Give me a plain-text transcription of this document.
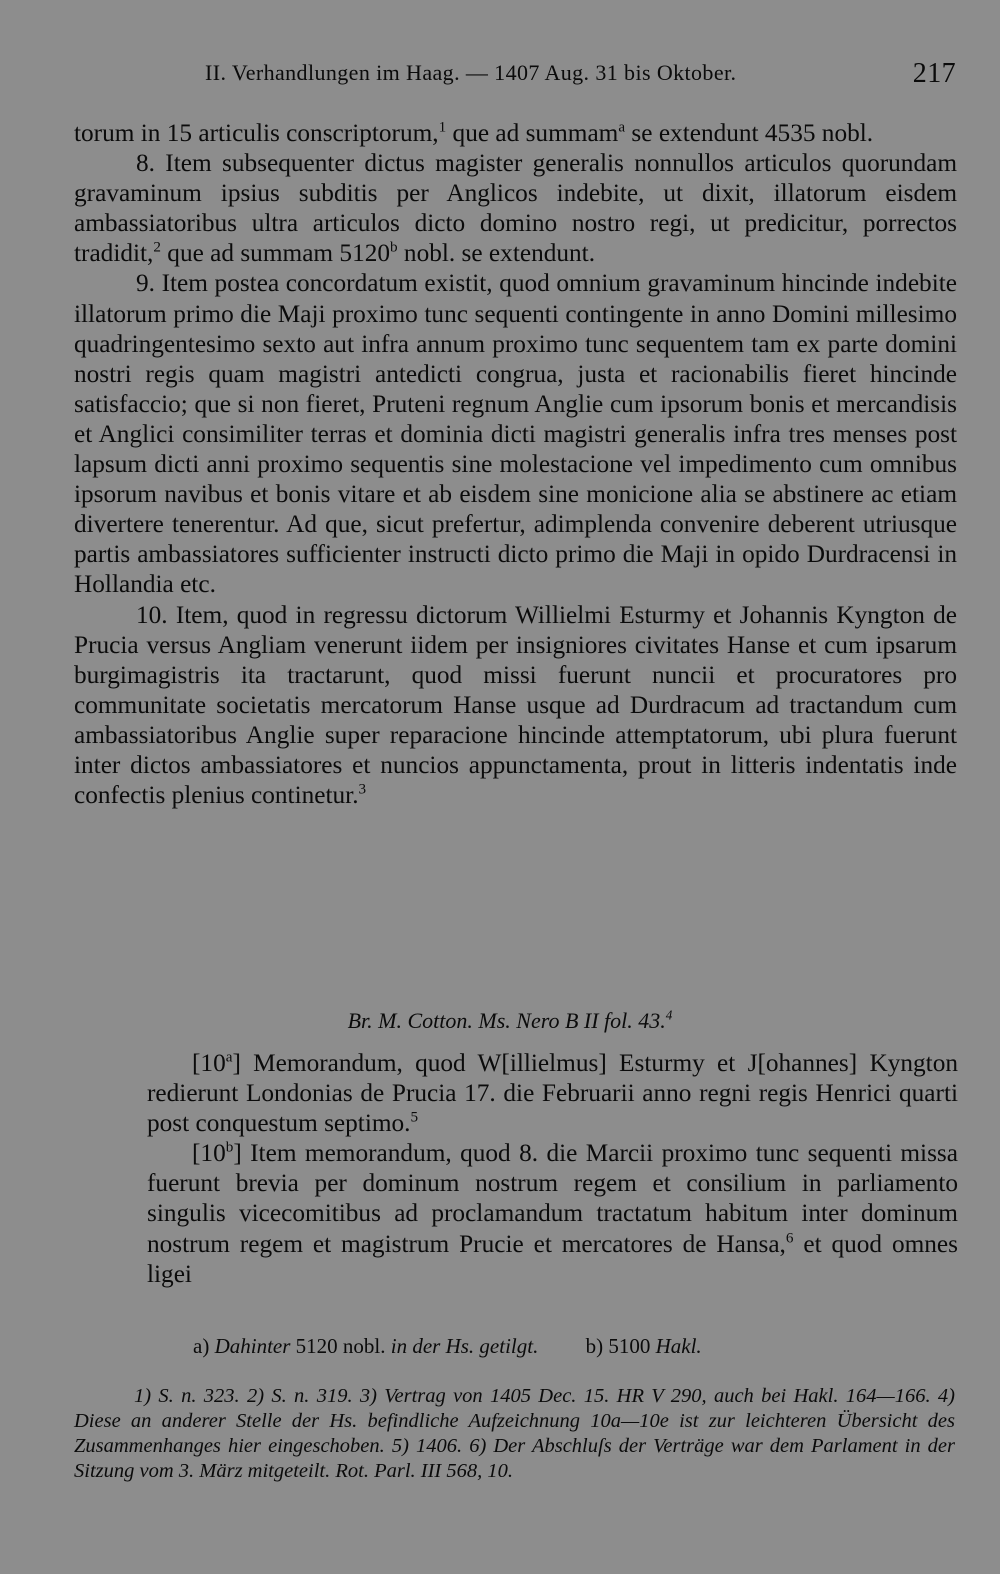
II. Verhandlungen im Haag. — 1407 Aug. 31 bis Oktober.	217

torum in 15 articulis conscriptorum,$^1$ que ad summam$^a$ se extendunt 4535 nobl.

8. Item subsequenter dictus magister generalis nonnullos articulos quorundam gravaminum ipsius subditis per Anglicos indebite, ut dixit, illatorum eisdem ambassiatoribus ultra articulos dicto domino nostro regi, ut predicitur, porrectos tradidit,$^2$ que ad summam 5120$^b$ nobl. se extendunt.

9. Item postea concordatum existit, quod omnium gravaminum hincinde indebite illatorum primo die Maji proximo tunc sequenti contingente in anno Domini millesimo quadringentesimo sexto aut infra annum proximo tunc sequentem tam ex parte domini nostri regis quam magistri antedicti congrua, justa et racionabilis fieret hincinde satisfaccio; que si non fieret, Pruteni regnum Anglie cum ipsorum bonis et mercandisis et Anglici consimiliter terras et dominia dicti magistri generalis infra tres menses post lapsum dicti anni proximo sequentis sine molestacione vel impedimento cum omnibus ipsorum navibus et bonis vitare et ab eisdem sine monicione alia se abstinere ac etiam divertere tenerentur. Ad que, sicut prefertur, adimplenda convenire deberent utriusque partis ambassiatores sufficienter instructi dicto primo die Maji in opido Durdracensi in Hollandia etc.

10. Item, quod in regressu dictorum Willielmi Esturmy et Johannis Kyngton de Prucia versus Angliam venerunt iidem per insigniores civitates Hanse et cum ipsarum burgimagistris ita tractarunt, quod missi fuerunt nuncii et procuratores pro communitate societatis mercatorum Hanse usque ad Durdracum ad tractandum cum ambassiatoribus Anglie super reparacione hincinde attemptatorum, ubi plura fuerunt inter dictos ambassiatores et nuncios appunctamenta, prout in litteris indentatis inde confectis plenius continetur.$^3$

Br. M. Cotton. Ms. Nero B II fol. 43.$^4$

[10$^a$] Memorandum, quod W[illielmus] Esturmy et J[ohannes] Kyngton redierunt Londonias de Prucia 17. die Februarii anno regni regis Henrici quarti post conquestum septimo.$^5$

[10$^b$] Item memorandum, quod 8. die Marcii proximo tunc sequenti missa fuerunt brevia per dominum nostrum regem et consilium in parliamento singulis vicecomitibus ad proclamandum tractatum habitum inter dominum nostrum regem et magistrum Prucie et mercatores de Hansa,$^6$ et quod omnes ligei

a) Dahinter 5120 nobl. in der Hs. getilgt. b) 5100 Hakl.

1) S. n. 323. 2) S. n. 319. 3) Vertrag von 1405 Dec. 15. HR V 290, auch bei Hakl. 164—166. 4) Diese an anderer Stelle der Hs. befindliche Aufzeichnung 10a—10e ist zur leichteren Übersicht des Zusammenhanges hier eingeschoben. 5) 1406. 6) Der Abschluſs der Verträge war dem Parlament in der Sitzung vom 3. März mitgeteilt. Rot. Parl. III 568, 10.
